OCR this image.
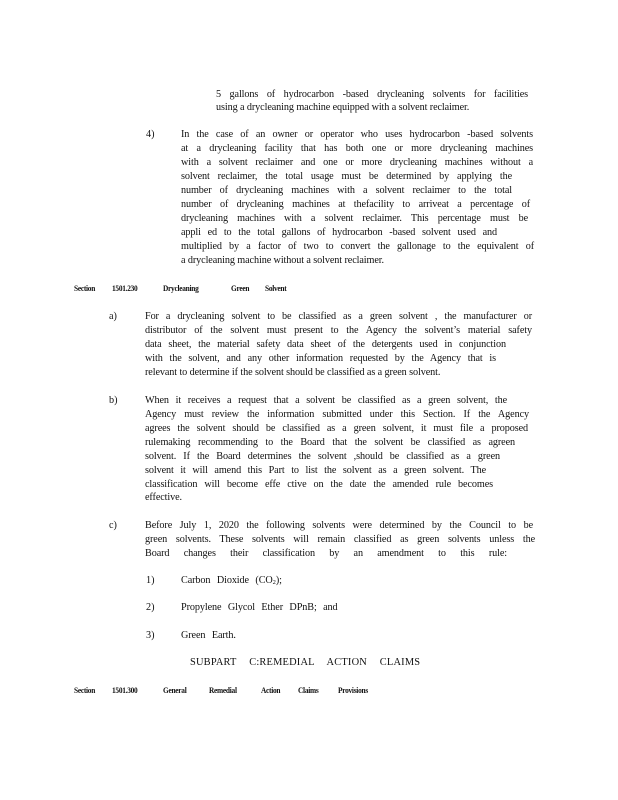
5 gallons of hydrocarbon -based drycleaning solvents for facilities
using a drycleaning machine equipped with a solvent reclaimer.
4)	In the case of an owner or operator who uses hydrocarbon -based solvents
at a drycleaning facility that has both one or more drycleaning machines
with a solvent reclaimer and one or more drycleaning machines without a
solvent reclaimer, the total usage must be determined by applying the
number of drycleaning machines with a solvent reclaimer to the total
number of drycleaning machines at thefacility to arriveat a percentage of
drycleaning machines with a solvent reclaimer. This percentage must be
appli ed to the total gallons of hydrocarbon -based solvent used and
multiplied by a factor of two to convert the gallonage to the equivalent of
a drycleaning machine without a solvent reclaimer.
Section 1501.230	Drycleaning	Green Solvent
a)	For a drycleaning solvent to be classified as a green solvent , the manufacturer or
distributor of the solvent must present to the Agency the solvent’s material safety
data sheet, the material safety data sheet of the detergents used in conjunction
with the solvent, and any other information requested by the Agency that is
relevant to determine if the solvent should be classified as a green solvent.
b)	When it receives a request that a solvent be classified as a green solvent, the
Agency must review the information submitted under this Section. If the Agency
agrees the solvent should be classified as a green solvent, it must file a proposed
rulemaking recommending to the Board that the solvent be classified as agreen
solvent. If the Board determines the solvent ,should be classified as a green
solvent it will amend this Part to list the solvent as a green solvent. The
classification will become effe ctive on the date the amended rule becomes
effective.
c)	Before July 1, 2020 the following solvents were determined by the Council to be
green solvents. These solvents will remain classified as green solvents unless the
Board changes their classification by an amendment to this rule:
1)	Carbon Dioxide $(CO_2)$;
2)	Propylene Glycol Ether DPnB; and
3)	Green Earth.
SUBPART C:REMEDIAL ACTION CLAIMS
Section 1501.300	General	Remedial	Action Claims Provisions
